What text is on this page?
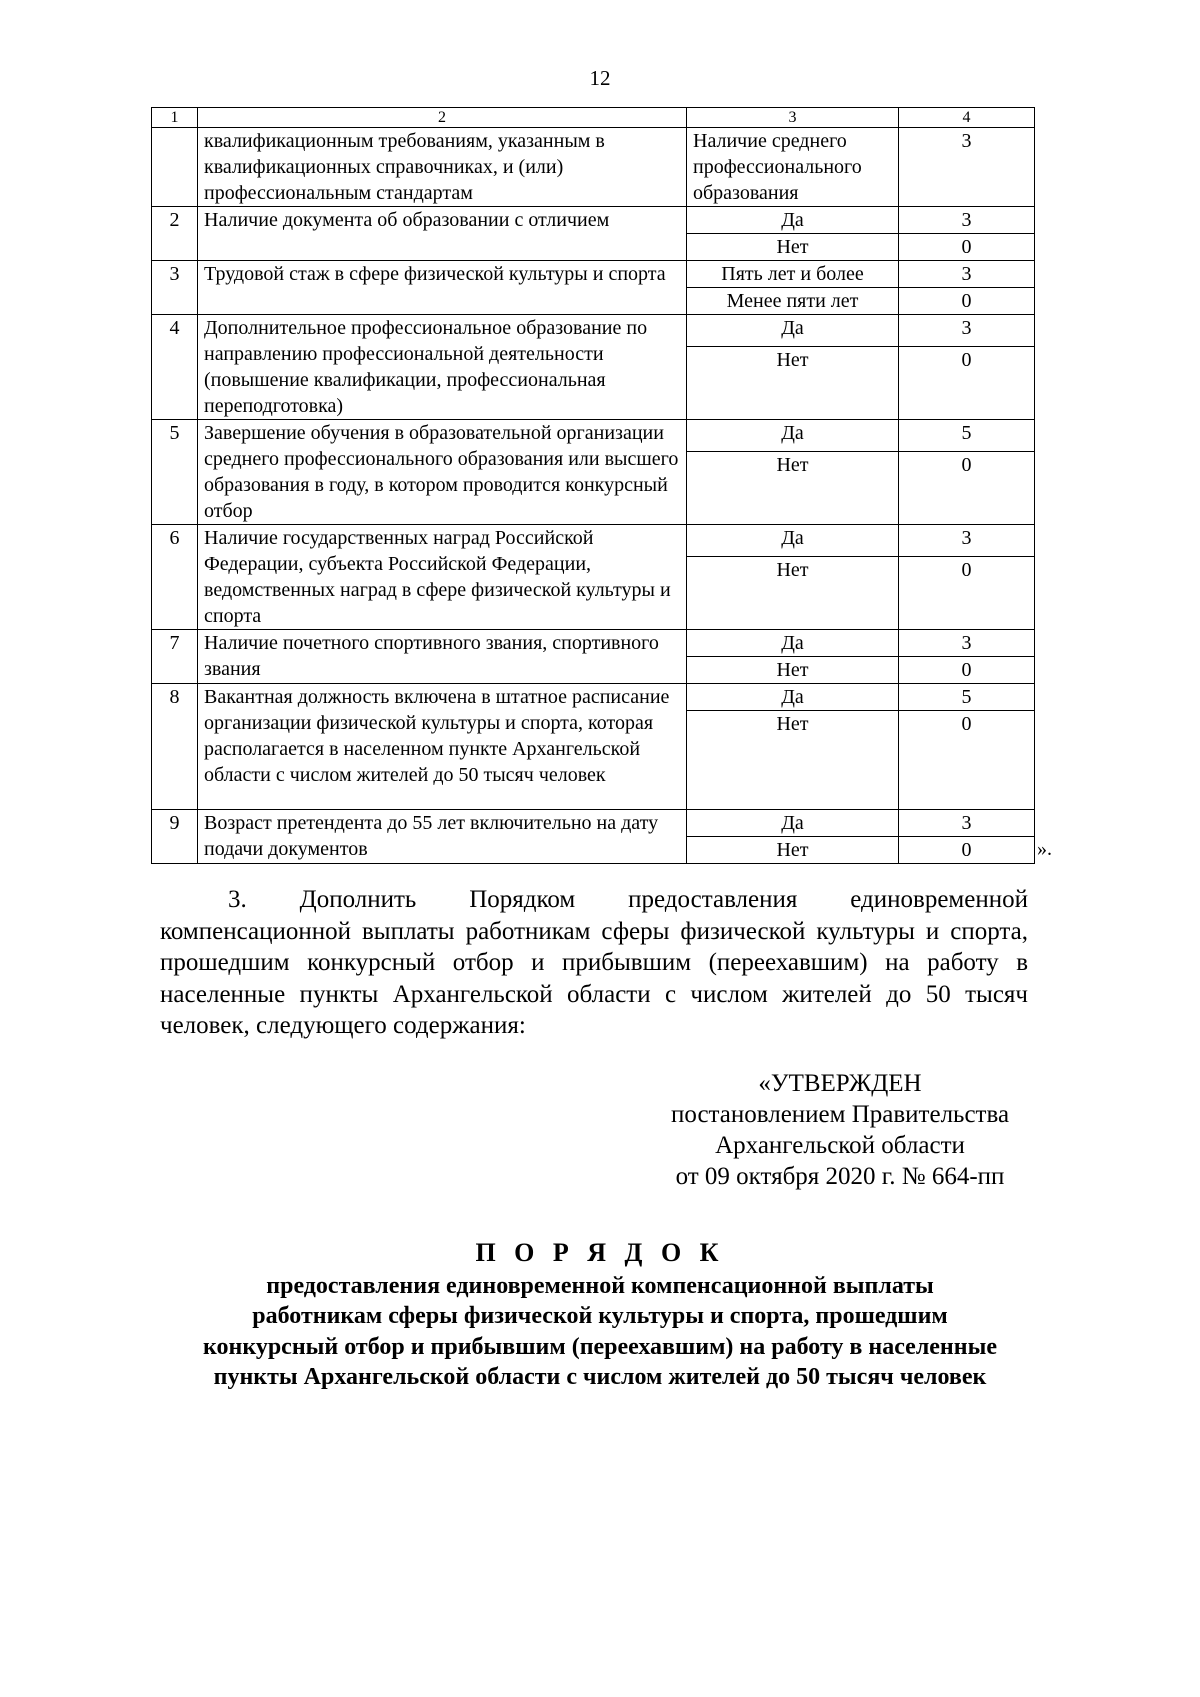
12
1	2	3	4
	квалификационным требованиям, указанным в квалификационных справочниках, и (или) профессиональным стандартам	Наличие среднего профессионального образования	3
2	Наличие документа об образовании с отличием	Да	3
		Нет	0
3	Трудовой стаж в сфере физической культуры и спорта	Пять лет и более	3
		Менее пяти лет	0
4	Дополнительное профессиональное образование по направлению профессиональной деятельности (повышение квалификации, профессиональная переподготовка)	Да	3
		Нет	0
5	Завершение обучения в образовательной организации среднего профессионального образования или высшего образования в году, в котором проводится конкурсный отбор	Да	5
		Нет	0
6	Наличие государственных наград Российской Федерации, субъекта Российской Федерации, ведомственных наград в сфере физической культуры и спорта	Да	3
		Нет	0
7	Наличие почетного спортивного звания, спортивного звания	Да	3
		Нет	0
8	Вакантная должность включена в штатное расписание организации физической культуры и спорта, которая располагается в населенном пункте Архангельской области с числом жителей до 50 тысяч человек	Да	5
		Нет	0
9	Возраст претендента до 55 лет включительно на дату подачи документов	Да	3
		Нет	0	».

3. Дополнить Порядком предоставления единовременной компенсационной выплаты работникам сферы физической культуры и спорта, прошедшим конкурсный отбор и прибывшим (переехавшим) на работу в населенные пункты Архангельской области с числом жителей до 50 тысяч человек, следующего содержания:

«УТВЕРЖДЕН
постановлением Правительства
Архангельской области
от 09 октября 2020 г. № 664-пп
П О Р Я Д О К
предоставления единовременной компенсационной выплаты
работникам сферы физической культуры и спорта, прошедшим
конкурсный отбор и прибывшим (переехавшим) на работу в населенные
пункты Архангельской области с числом жителей до 50 тысяч человек
